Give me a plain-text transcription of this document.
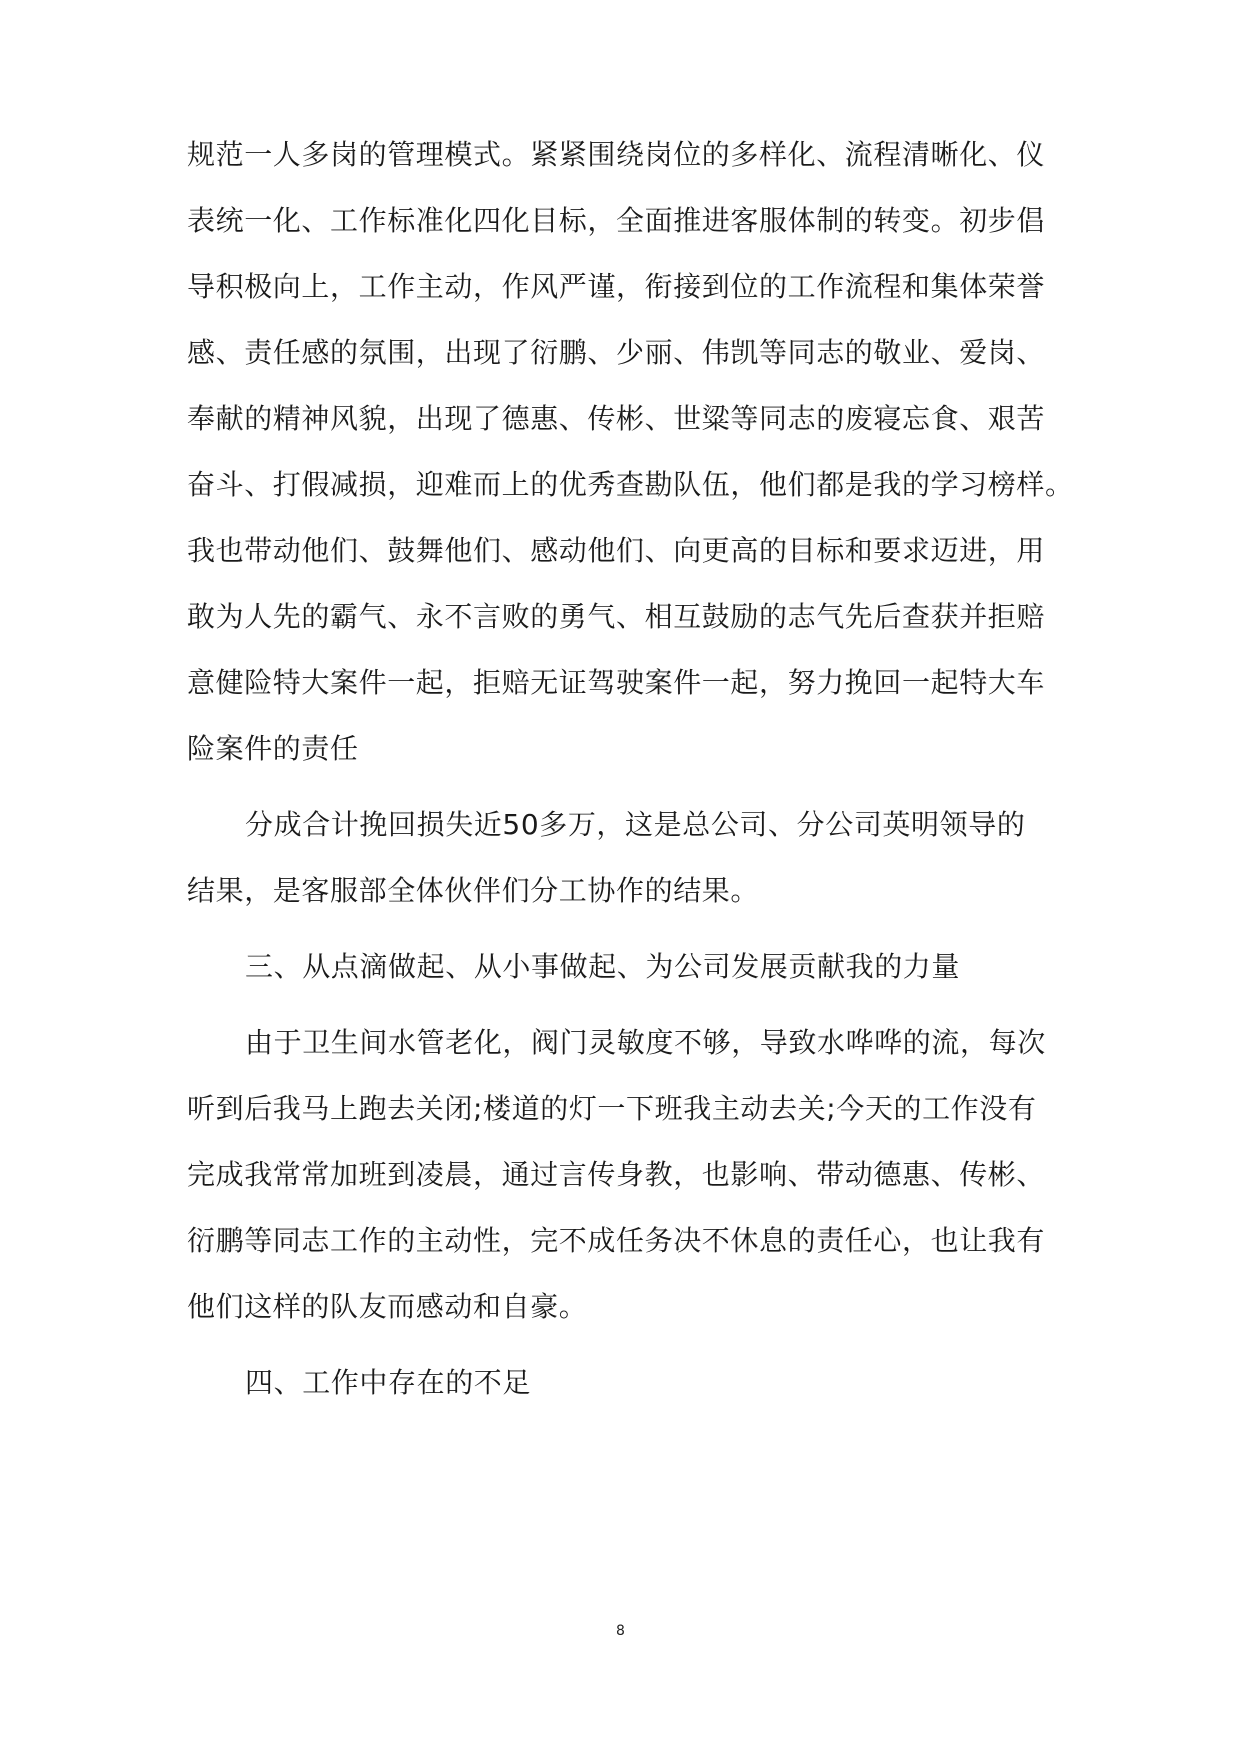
规范一人多岗的管理模式。紧紧围绕岗位的多样化、流程清晰化、仪
表统一化、工作标准化四化目标，全面推进客服体制的转变。初步倡
导积极向上，工作主动，作风严谨，衔接到位的工作流程和集体荣誉
感、责任感的氛围，出现了衍鹏、少丽、伟凯等同志的敬业、爱岗、
奉献的精神风貌，出现了德惠、传彬、世粱等同志的废寝忘食、艰苦
奋斗、打假减损，迎难而上的优秀查勘队伍，他们都是我的学习榜样。
我也带动他们、鼓舞他们、感动他们、向更高的目标和要求迈进，用
敢为人先的霸气、永不言败的勇气、相互鼓励的志气先后查获并拒赔
意健险特大案件一起，拒赔无证驾驶案件一起，努力挽回一起特大车
险案件的责任
分成合计挽回损失近50多万，这是总公司、分公司英明领导的
结果，是客服部全体伙伴们分工协作的结果。
三、从点滴做起、从小事做起、为公司发展贡献我的力量
由于卫生间水管老化，阀门灵敏度不够，导致水哗哗的流，每次
听到后我马上跑去关闭;楼道的灯一下班我主动去关;今天的工作没有
完成我常常加班到凌晨，通过言传身教，也影响、带动德惠、传彬、
衍鹏等同志工作的主动性，完不成任务决不休息的责任心，也让我有
他们这样的队友而感动和自豪。
四、工作中存在的不足
8
